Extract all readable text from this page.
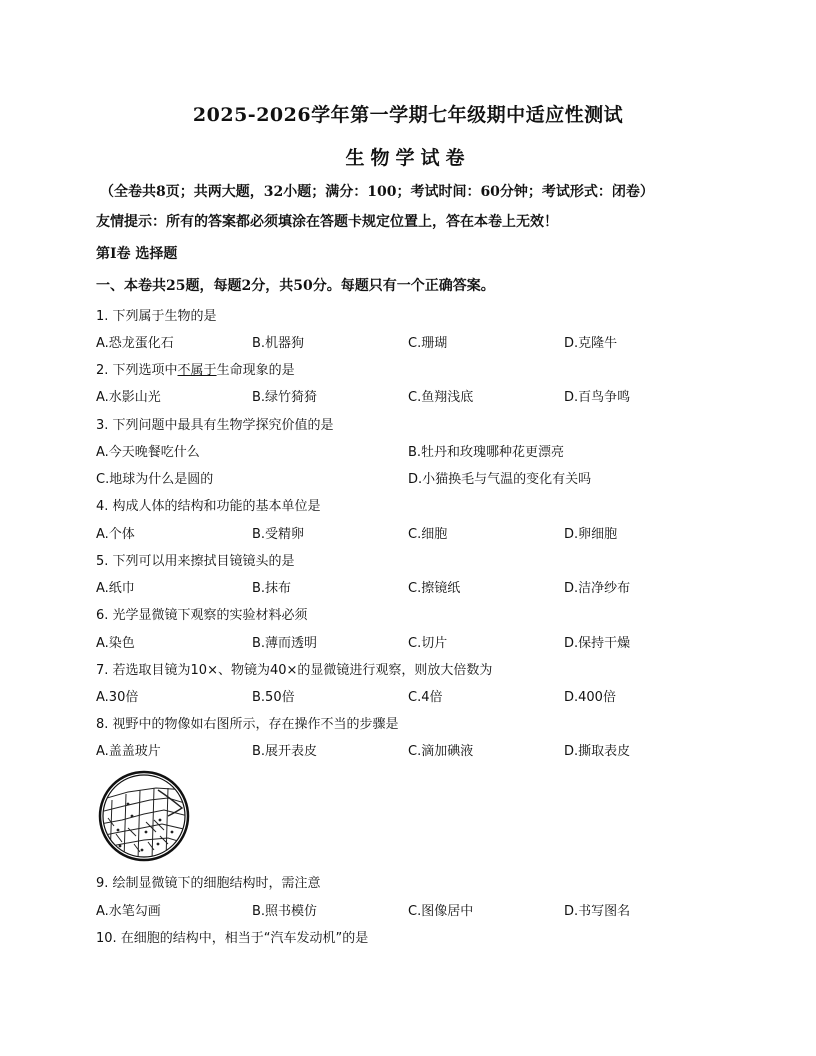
2025-2026学年第一学期七年级期中适应性测试
生物学试卷
（全卷共8页；共两大题，32小题；满分：100；考试时间：60分钟；考试形式：闭卷）
友情提示：所有的答案都必须填涂在答题卡规定位置上，答在本卷上无效！
第Ⅰ卷 选择题
一、本卷共25题，每题2分，共50分。每题只有一个正确答案。
1. 下列属于生物的是
A.恐龙蛋化石	B.机器狗	C.珊瑚	D.克隆牛
2. 下列选项中不属于生命现象的是
A.水影山光	B.绿竹猗猗	C.鱼翔浅底	D.百鸟争鸣
3. 下列问题中最具有生物学探究价值的是
A.今天晚餐吃什么	B.牡丹和玫瑰哪种花更漂亮
C.地球为什么是圆的	D.小猫换毛与气温的变化有关吗
4. 构成人体的结构和功能的基本单位是
A.个体	B.受精卵	C.细胞	D.卵细胞
5. 下列可以用来擦拭目镜镜头的是
A.纸巾	B.抹布	C.擦镜纸	D.洁净纱布
6. 光学显微镜下观察的实验材料必须
A.染色	B.薄而透明	C.切片	D.保持干燥
7. 若选取目镜为10×、物镜为40×的显微镜进行观察，则放大倍数为
A.30倍	B.50倍	C.4倍	D.400倍
8. 视野中的物像如右图所示，存在操作不当的步骤是
A.盖盖玻片	B.展开表皮	C.滴加碘液	D.撕取表皮
9. 绘制显微镜下的细胞结构时，需注意
A.水笔勾画	B.照书模仿	C.图像居中	D.书写图名
10. 在细胞的结构中，相当于“汽车发动机”的是
